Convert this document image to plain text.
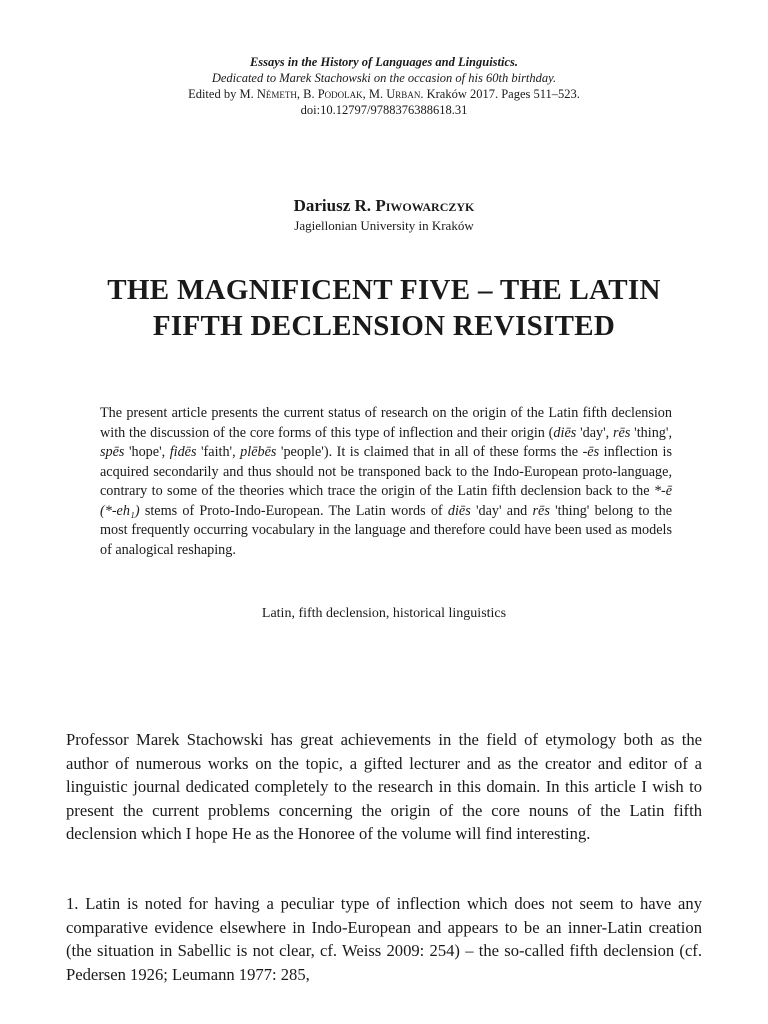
Essays in the History of Languages and Linguistics.
Dedicated to Marek Stachowski on the occasion of his 60th birthday.
Edited by M. Németh, B. Podolak, M. Urban. Kraków 2017. Pages 511–523.
doi:10.12797/9788376388618.31
Dariusz R. Piwowarczyk
Jagiellonian University in Kraków
THE MAGNIFICENT FIVE – THE LATIN
FIFTH DECLENSION REVISITED
The present article presents the current status of research on the origin of the Latin fifth declension with the discussion of the core forms of this type of inflection and their origin (diēs 'day', rēs 'thing', spēs 'hope', fidēs 'faith', plēbēs 'people'). It is claimed that in all of these forms the -ēs inflection is acquired secondarily and thus should not be transponed back to the Indo-European proto-language, contrary to some of the theories which trace the origin of the Latin fifth declension back to the *-ē (*-eh₁) stems of Proto-Indo-European. The Latin words of diēs 'day' and rēs 'thing' belong to the most frequently occurring vocabulary in the language and therefore could have been used as models of analogical reshaping.
Latin, fifth declension, historical linguistics
Professor Marek Stachowski has great achievements in the field of etymology both as the author of numerous works on the topic, a gifted lecturer and as the creator and editor of a linguistic journal dedicated completely to the research in this domain. In this article I wish to present the current problems concerning the origin of the core nouns of the Latin fifth declension which I hope He as the Honoree of the volume will find interesting.
1. Latin is noted for having a peculiar type of inflection which does not seem to have any comparative evidence elsewhere in Indo-European and appears to be an inner-Latin creation (the situation in Sabellic is not clear, cf. Weiss 2009: 254) – the so-called fifth declension (cf. Pedersen 1926; Leumann 1977: 285,
